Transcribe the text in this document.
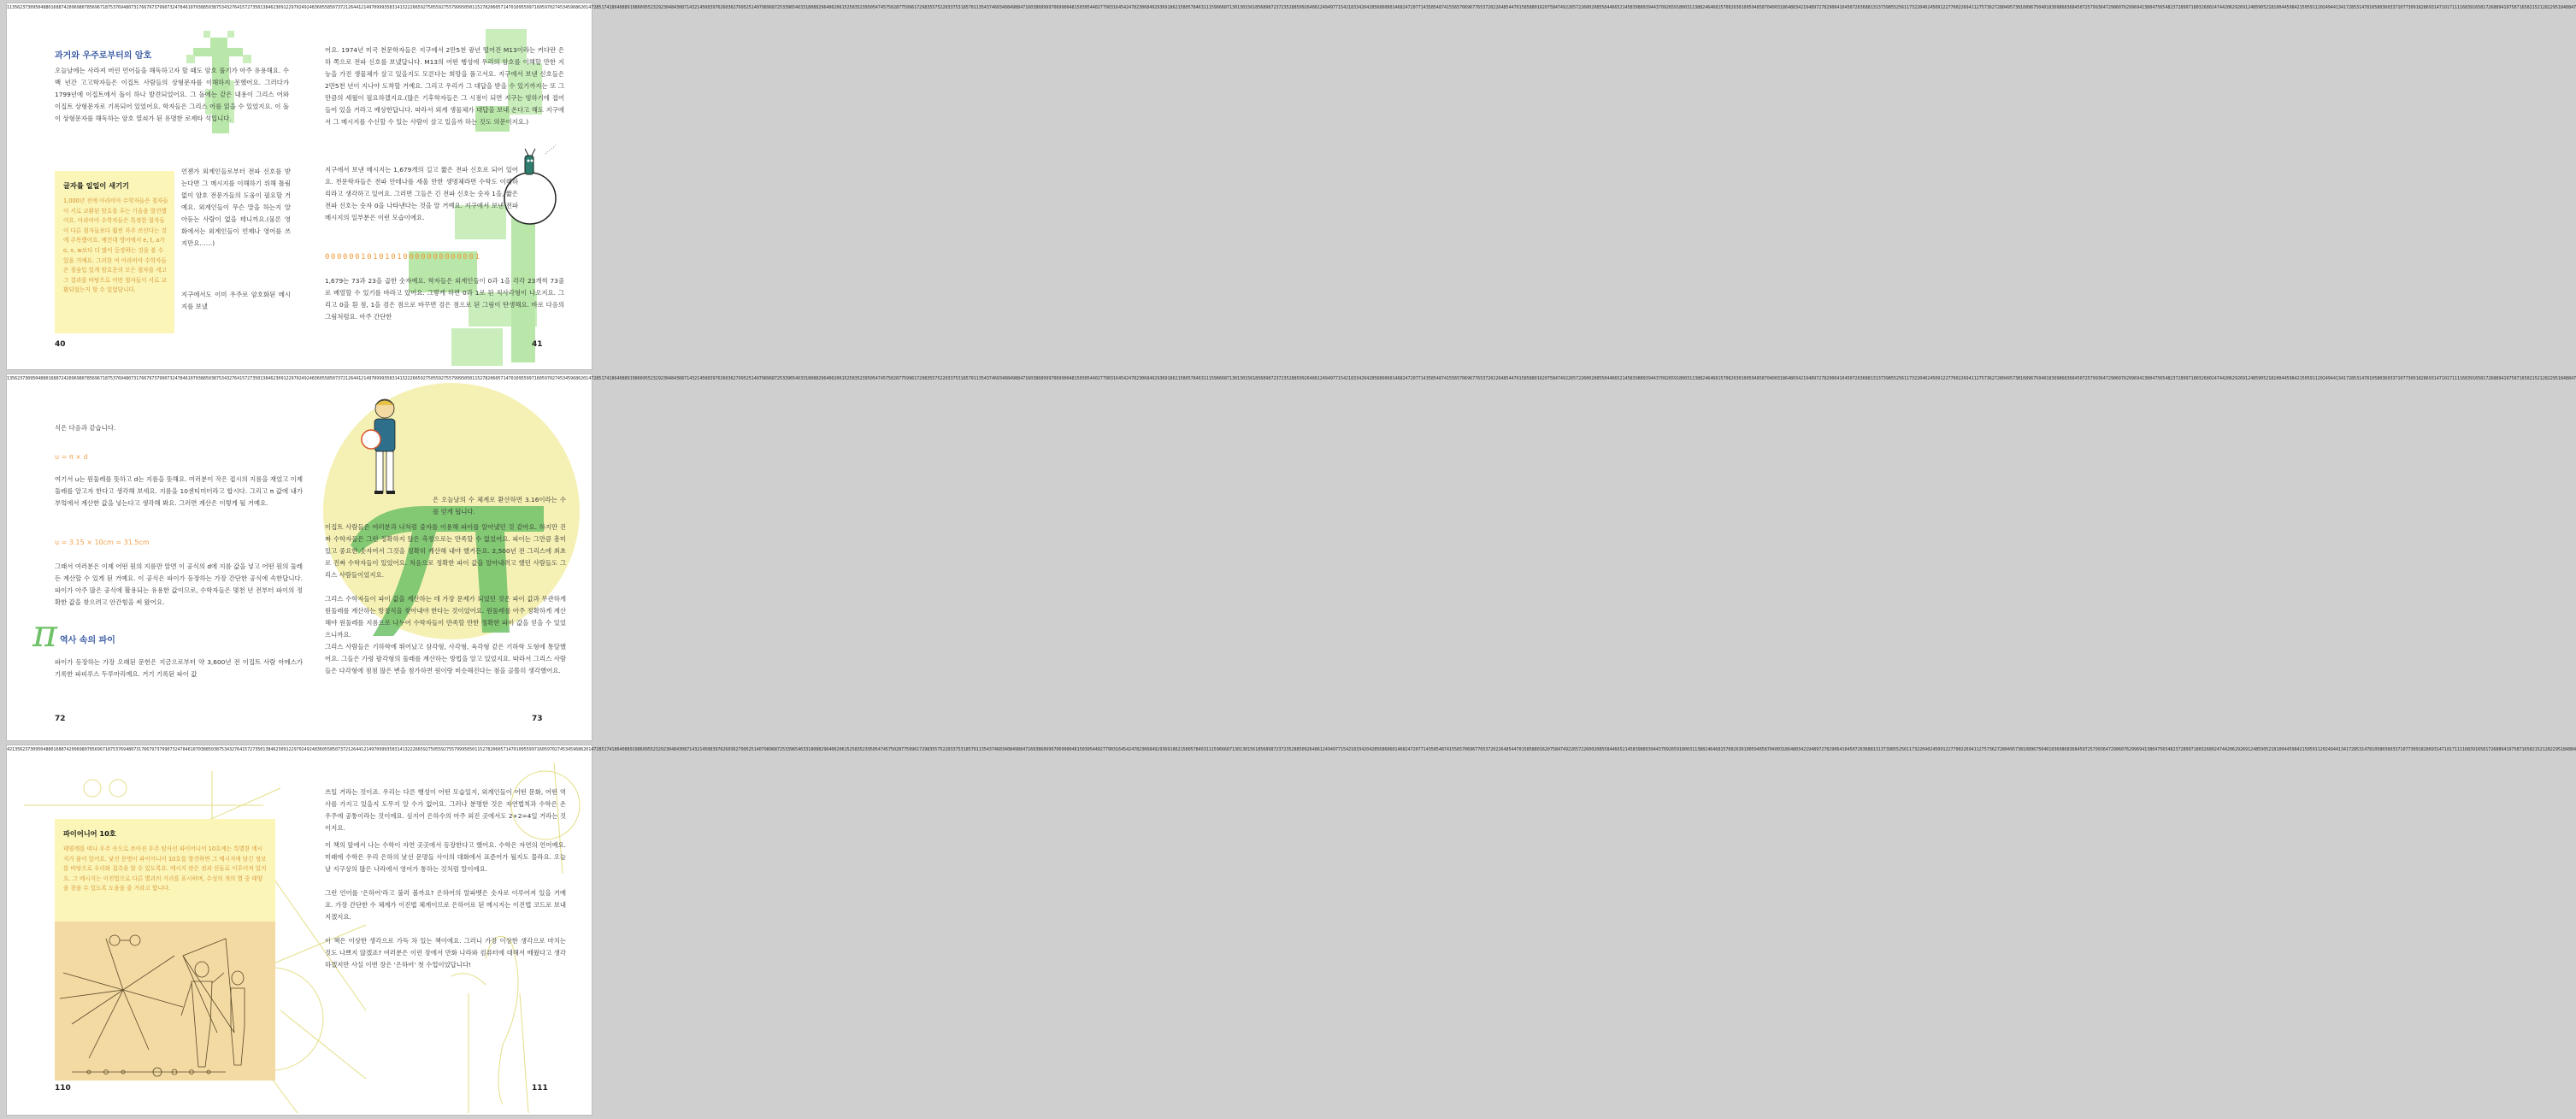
1135623730950488016887420969807856967187537694807317667973799073247846107038850387534327641572735013846230912297024924836055850737212644121497099935831413222665927505592755799950501152782060571470109559971605970274534596862014728517418640889198609552329230484308714321450839762603627995251407989687253396546331808829640620615258352395054745750287759961729835575220337531857011354374603408498847160386899970699004815030544027790316454247823068492936918621580578463111596668713013015618568987237235288509264861249497715421833420428568606014682472077143585487415565706967765372022648544701585880162075847492265722600208558446652145839889394437092659180031138824646815708263010059485870400318648034219489727829064104507263688131373985525611732204024509122770022694112757362728049573810896750401836986836845072579936472906076299694138047565482372899718032680247442062926912485905218100445984215059112024944134172853147810580360337107730918286931471017111168391658172688941975871658215212822951848847
과거와 우주로부터의 암호

오늘날에는 사라져 버린 언어들을 해독하고자 할 때도 암호 풀기가 아주 유용해요. 수백 년간 고고학자들은 이집트 사람들의 상형문자를 이해하지 못했어요. 그러다가 1799년에 이집트에서 돌이 하나 발견되었어요. 그 돌에는 같은 내용이 그리스 어와 이집트 상형문자로 기록되어 있었어요. 학자들은 그리스 어를 읽을 수 있었지요. 이 돌이 상형문자를 해독하는 암호 열쇠가 된 유명한 로제타 석입니다.

글자를 일일이 새기기

1,000년 전에 아라비아 수학자들은 철자들이 서로 교환된 암호를 푸는 기술을 발견했어요. 아라비아 수학자들은 특정한 철자들이 다른 철자들보다 훨씬 자주 쓰인다는 것에 주목했어요. 예컨대 영어에서 e, t, a가 o, x, w보다 더 많이 등장하는 것을 볼 수 있을 거예요. 그러한 여 아라비아 수학자들은 철숲입 있게 암호문의 모든 철자를 세고 그 결과를 바탕으로 어떤 철자들이 서로 교환되었는지 할 수 있었답니다.

언젠가 외계인들로부터 전파 신호를 받는다면 그 메시지를 이해하기 위해 틀림없이 암호 전문가들의 도움이 필요할 거예요. 외계인들이 무슨 말을 하는지 알아듣는 사람이 없을 테니까요.(물론 영화에서는 외계인들이 언제나 영어를 쓰지만요……)

지구에서도 이미 우주로 암호화된 메시지를 보냈

40

어요. 1974년 미국 천문학자들은 지구에서 2만5천 광년 떨어진 M13이라는 커다란 은하 쪽으로 전파 신호를 보냈답니다. M13의 어떤 행성에 우리의 암호를 이해할 만한 지능을 가진 생물체가 살고 있을지도 모른다는 희망을 품고서요. 지구에서 보낸 신호들은 2만5천 년이 지나야 도착할 거예요. 그리고 우리가 그 대답을 받을 수 있기까지는 또 그만큼의 세월이 필요하겠지요.(많은 기후학자들은 그 시점이 되면 지구는 빙하기에 접어들어 있을 거라고 예상한답니다. 따라서 외계 생물체가 대답을 보내 온다고 해도 지구에서 그 메시지를 수신할 수 있는 사람이 살고 있을까 하는 것도 의문이지요.)

지구에서 보낸 메시지는 1,679개의 길고 짧은 전파 신호로 되어 있어요. 천문학자들은 전파 안테나를 세울 만한 생명체라면 수학도 이해하리라고 생각하고 있어요. 그러면 그들은 긴 전파 신호는 숫자 1을, 짧은 전파 신호는 숫자 0을 나타낸다는 것을 알 거예요. 지구에서 보낸 전파 메시지의 일부분은 이런 모습이에요.

00000010101010000000000001

1,679는 73과 23을 곱한 숫자예요. 학자들은 외계인들이 0과 1을 각각 23개씩 73줄로 배열할 수 있기를 바라고 있어요. 그렇게 하면 0과 1로 된 직사각형이 나오지요. 그리고 0을 흰 점, 1을 검은 점으로 바꾸면 검은 점으로 된 그림이 탄생해요. 바로 다음의 그림처럼요. 아주 간단한

41
1356237309504880168872420969807856967187537694807317667973799073247846107038850387534327641572735013846230912297024924836055850737212644121497099935831413222665927505592755799950501152782060571470109559971605970274534596862014728517418640889198609552329230484308714321450839762603627995251407989687253396546331808829640620615258352395054745750287759961729835575220337531857011354374603408498847160386899970699004815030544027790316454247823068492936918621580578463111596668713013015618568987237235288509264861249497715421833420428568606014682472077143585487415565706967765372022648544701585880162075847492265722600208558446652145839889394437092659180031138824646815708263010059485870400318648034219489727829064104507263688131373985525611732204024509122770022694112757362728049573810896750401836986836845072579936472906076299694138047565482372899718032680247442062926912485905218100445984215059112024944134172853147810580360337107730918286931471017111168391658172688941975871658215212822951848847

식은 다음과 같습니다.

u = π × d

여기서 u는 원둘레를 뜻하고 d는 지름을 뜻해요. 여러분이 작은 접시의 지름을 재었고 이제 둘레를 알고자 한다고 생각해 보세요. 지름을 10센티미터라고 합시다. 그리고 π 값에 내가 부엌에서 계산한 값을 넣는다고 생각해 봐요. 그러면 계산은 이렇게 될 거예요.

u = 3.15 × 10cm = 31.5cm

그래서 여러분은 이제 어떤 원의 지름만 알면 이 공식의 d에 지름 값을 넣고 어떤 원의 둘레든 계산할 수 있게 된 거예요. 이 공식은 파이가 등장하는 가장 간단한 공식에 속한답니다. 파이가 아주 많은 공식에 활용되는 유용한 값이므로, 수학자들은 몇천 년 전부터 파이의 정확한 값을 찾으려고 안간힘을 써 왔어요.

π 역사 속의 파이

파이가 등장하는 가장 오래된 문헌은 지금으로부터 약 3,600년 전 이집트 사람 아메스가 기록한 파피루스 두루마리예요. 거기 기록된 파이 값

72

은 오늘날의 수 체계로 환산하면 3.16이라는 수를 얻게 됩니다.

이집트 사람들은 여러분과 나처럼 줄자를 이용해 파이를 알아냈던 것 같아요. 하지만 진짜 수학자들은 그런 정확하지 않은 측정으로는 만족할 수 없었어요. 파이는 그만큼 흥미 있고 중요한 숫자여서 그것을 정확히 계산해 내야 했거든요. 2,500년 전 그리스에 최초로 진짜 수학자들이 있었어요. 처음으로 정확한 파이 값을 알아내려고 했던 사람들도 그리스 사람들이었지요.

그리스 수학자들이 파이 값을 계산하는 데 가장 문제가 되었던 것은 파이 값과 무관하게 원둘레를 계산하는 방정식을 찾아내야 한다는 것이었어요. 원둘레를 아주 정확하게 계산해야 원둘레를 지름으로 나누어 수학자들이 만족할 만한 정확한 파이 값을 얻을 수 있었으니까요.

그리스 사람들은 기하학에 뛰어났고 삼각형, 사각형, 육각형 같은 기하학 도형에 통달했어요. 그들은 가령 팔각형의 둘레를 계산하는 방법을 알고 있었지요. 따라서 그리스 사람들은 다각형에 점점 많은 변을 첨가하면 원이랑 비슷해진다는 점을 골똘히 생각했어요.

73
4213562373095048801688742096980785696718753769480731766797379907324784610703885038753432764157273501384623091229702492483605585073721264412149709993583141322266592750559275579995050115278206057147010955997160597027453459686201472851741864088919860955232923048430871432145083976260362799525140798968725339654633180882964062061525835239505474575028775996172983557522033753185701135437460340849884716038689997069900481503054402779031645424782306849293691862158057846311159666871301301561856898723723528850926486124949771542183342042856860601468247207714358548741556570696776537202264854470158588016207584749226572260020855844665214583988939443709265918003113882464681570826301005948587040031864803421948972782906410450726368813137398552561173220402450912277002269411275736272804957381089675040183698683684507257993647290607629969413804756548237289971803268024744206292691248590521810044598421505911202494413417285314781058036033710773091828693147101711116839165817268894197587165821521282295184884
파이어니어 10호

태양계를 떠나 우주 속으로 쏘아진 우주 탐사선 파이어니어 10호에는 특별한 메시지가 붙어 있어요. 낯선 문명이 파이어니어 10호를 발견하면 그 메시지에 담긴 정보를 바탕으로 우리와 접촉을 할 수 있도록요. 메시지 판은 점과 선들로 이루어져 있지요. 그 메시지는 이진법으로 다른 별과의 거리를 표시하며, 수성의 개의 별 중 태양을 찾을 수 있도록 도움을 줄 거라고 합니다.

110

쓰일 거라는 것이죠. 우리는 다른 행성이 어떤 모습일지, 외계인들이 어떤 문화, 어떤 역사를 가지고 있을지 도무지 알 수가 없어요. 그러나 분명한 것은 자연법칙과 수학은 온 우주에 공통이라는 것이에요. 심지어 은하수의 아주 외진 곳에서도 2+2=4일 거라는 것이지요.

이 책의 앞에서 나는 수학이 자연 곳곳에서 등장한다고 했어요. 수학은 자연의 언어예요. 미래에 수학은 우리 은하의 낯선 문명들 사이의 대화에서 표준어가 될지도 몰라요. 오늘날 지구상의 많은 나라에서 영어가 통하는 것처럼 말이에요.

그런 언어를 '은하어'라고 불러 볼까요? 은하어의 알파벳은 숫자로 이루어져 있을 거예요. 가장 간단한 수 체계가 이진법 체계이므로 은하어로 된 메시지는 이진법 코드로 보내지겠지요.

이 책은 이상한 생각으로 가득 차 있는 책이에요. 그러니 가장 이상한 생각으로 마치는 것도 나쁘지 않겠죠? 여러분은 이런 장에서 만화 나라와 컴퓨터에 대해서 배웠다고 생각하겠지만 사실 이번 장은 '은하어' 첫 수업이었답니다!

111
